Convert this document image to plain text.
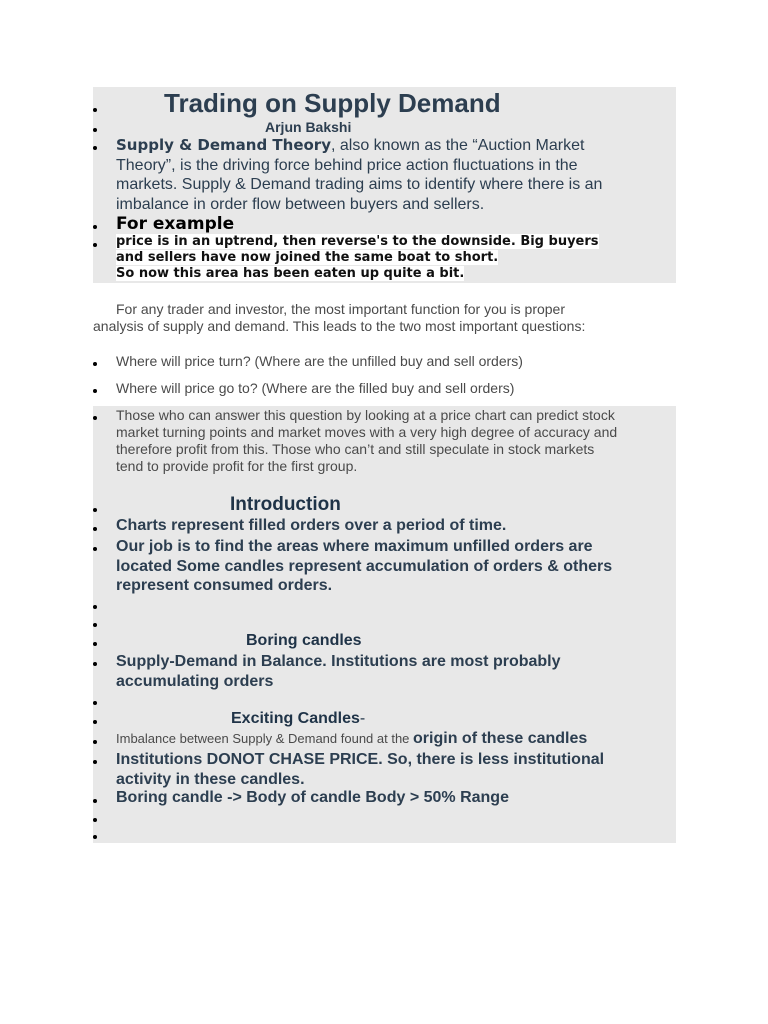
Trading on Supply Demand
Arjun Bakshi
Supply & Demand Theory, also known as the “Auction Market
Theory”, is the driving force behind price action fluctuations in the
markets. Supply & Demand trading aims to identify where there is an
imbalance in order flow between buyers and sellers.
For example
price is in an uptrend, then reverse's to the downside. Big buyers
and sellers have now joined the same boat to short.
So now this area has been eaten up quite a bit.
For any trader and investor, the most important function for you is proper
analysis of supply and demand. This leads to the two most important questions:
Where will price turn? (Where are the unfilled buy and sell orders)
Where will price go to? (Where are the filled buy and sell orders)
Those who can answer this question by looking at a price chart can predict stock
market turning points and market moves with a very high degree of accuracy and
therefore profit from this. Those who can’t and still speculate in stock markets
tend to provide profit for the first group.
Introduction
Charts represent filled orders over a period of time.
Our job is to find the areas where maximum unfilled orders are
located Some candles represent accumulation of orders & others
represent consumed orders.
Boring candles
Supply-Demand in Balance. Institutions are most probably
accumulating orders
Exciting Candles-
Imbalance between Supply & Demand found at the origin of these candles
Institutions DONOT CHASE PRICE. So, there is less institutional
activity in these candles.
Boring candle -> Body of candle Body > 50% Range
